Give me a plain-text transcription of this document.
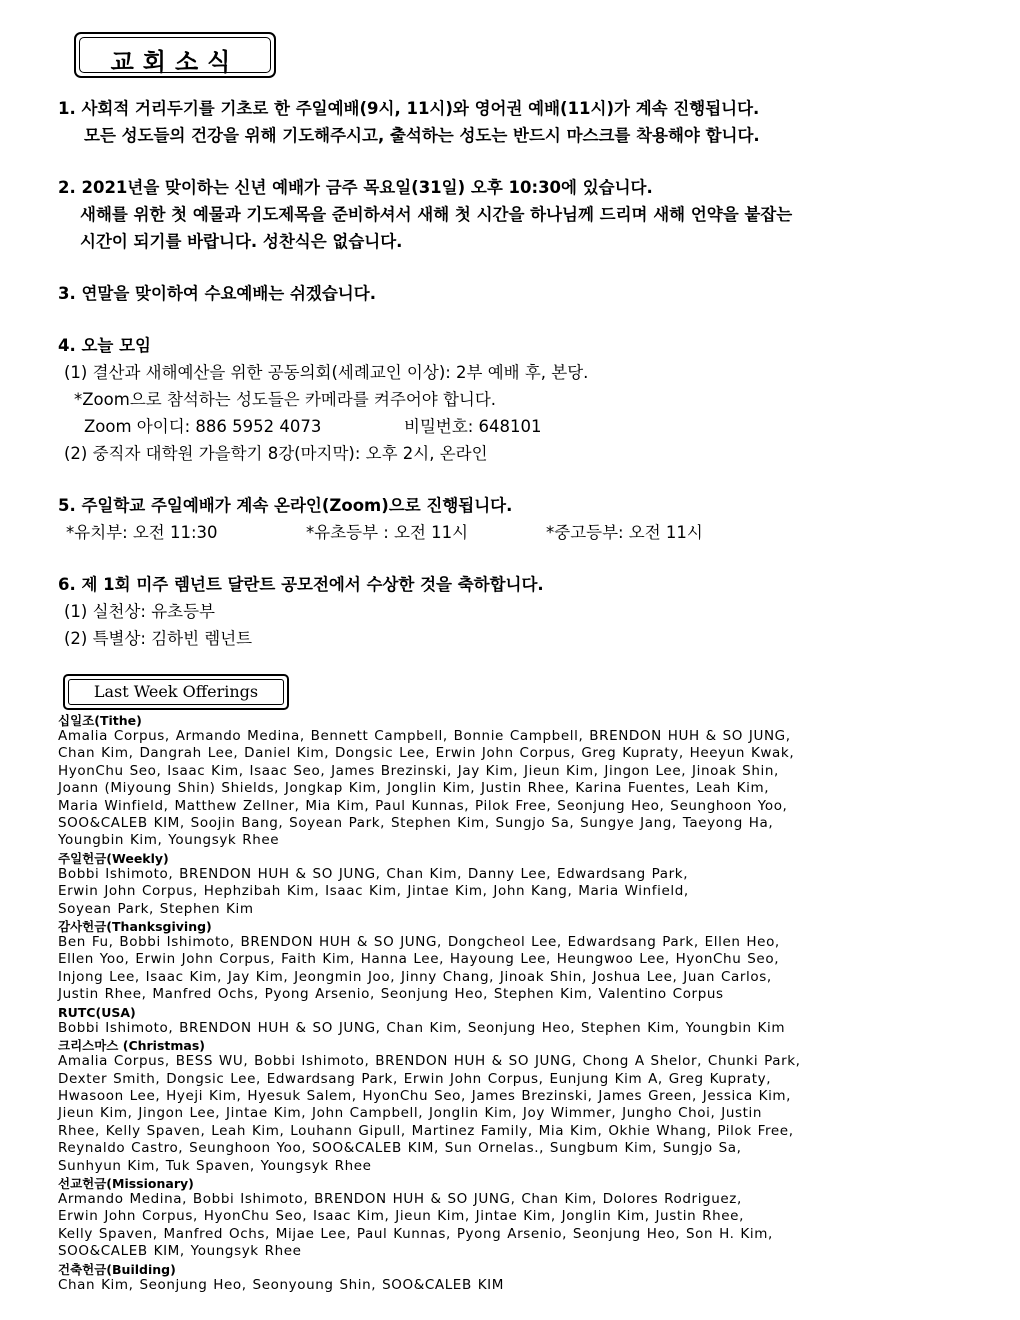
교회소식
1. 사회적 거리두기를 기초로 한 주일예배(9시, 11시)와 영어권 예배(11시)가 계속 진행됩니다.
모든 성도들의 건강을 위해 기도해주시고, 출석하는 성도는 반드시 마스크를 착용해야 합니다.
2. 2021년을 맞이하는 신년 예배가 금주 목요일(31일) 오후 10:30에 있습니다.
새해를 위한 첫 예물과 기도제목을 준비하셔서 새해 첫 시간을 하나님께 드리며 새해 언약을 붙잡는
시간이 되기를 바랍니다. 성찬식은 없습니다.
3. 연말을 맞이하여 수요예배는 쉬겠습니다.
4. 오늘 모임
(1) 결산과 새해예산을 위한 공동의회(세례교인 이상): 2부 예배 후, 본당.
*Zoom으로 참석하는 성도들은 카메라를 켜주어야 합니다.
Zoom 아이디: 886 5952 4073	비밀번호: 648101
(2) 중직자 대학원 가을학기 8강(마지막): 오후 2시, 온라인
5. 주일학교 주일예배가 계속 온라인(Zoom)으로 진행됩니다.
*유치부: 오전 11:30	*유초등부 : 오전 11시	*중고등부: 오전 11시
6. 제 1회 미주 렘넌트 달란트 공모전에서 수상한 것을 축하합니다.
(1) 실천상: 유초등부
(2) 특별상: 김하빈 렘넌트
Last Week Offerings
십일조(Tithe)
Amalia Corpus, Armando Medina, Bennett Campbell, Bonnie Campbell, BRENDON HUH & SO JUNG,
Chan Kim, Dangrah Lee, Daniel Kim, Dongsic Lee, Erwin John Corpus, Greg Kupraty, Heeyun Kwak,
HyonChu Seo, Isaac Kim, Isaac Seo, James Brezinski, Jay Kim, Jieun Kim, Jingon Lee, Jinoak Shin,
Joann (Miyoung Shin) Shields, Jongkap Kim, Jonglin Kim, Justin Rhee, Karina Fuentes, Leah Kim,
Maria Winfield, Matthew Zellner, Mia Kim, Paul Kunnas, Pilok Free, Seonjung Heo, Seunghoon Yoo,
SOO&CALEB KIM, Soojin Bang, Soyean Park, Stephen Kim, Sungjo Sa, Sungye Jang, Taeyong Ha,
Youngbin Kim, Youngsyk Rhee
주일헌금(Weekly)
Bobbi Ishimoto, BRENDON HUH & SO JUNG, Chan Kim, Danny Lee, Edwardsang Park,
Erwin John Corpus, Hephzibah Kim, Isaac Kim, Jintae Kim, John Kang, Maria Winfield,
Soyean Park, Stephen Kim
감사헌금(Thanksgiving)
Ben Fu, Bobbi Ishimoto, BRENDON HUH & SO JUNG, Dongcheol Lee, Edwardsang Park, Ellen Heo,
Ellen Yoo, Erwin John Corpus, Faith Kim, Hanna Lee, Hayoung Lee, Heungwoo Lee, HyonChu Seo,
Injong Lee, Isaac Kim, Jay Kim, Jeongmin Joo, Jinny Chang, Jinoak Shin, Joshua Lee, Juan Carlos,
Justin Rhee, Manfred Ochs, Pyong Arsenio, Seonjung Heo, Stephen Kim, Valentino Corpus
RUTC(USA)
Bobbi Ishimoto, BRENDON HUH & SO JUNG, Chan Kim, Seonjung Heo, Stephen Kim, Youngbin Kim
크리스마스 (Christmas)
Amalia Corpus, BESS WU, Bobbi Ishimoto, BRENDON HUH & SO JUNG, Chong A Shelor, Chunki Park,
Dexter Smith, Dongsic Lee, Edwardsang Park, Erwin John Corpus, Eunjung Kim A, Greg Kupraty,
Hwasoon Lee, Hyeji Kim, Hyesuk Salem, HyonChu Seo, James Brezinski, James Green, Jessica Kim,
Jieun Kim, Jingon Lee, Jintae Kim, John Campbell, Jonglin Kim, Joy Wimmer, Jungho Choi, Justin
Rhee, Kelly Spaven, Leah Kim, Louhann Gipull, Martinez Family, Mia Kim, Okhie Whang, Pilok Free,
Reynaldo Castro, Seunghoon Yoo, SOO&CALEB KIM, Sun Ornelas., Sungbum Kim, Sungjo Sa,
Sunhyun Kim, Tuk Spaven, Youngsyk Rhee
선교헌금(Missionary)
Armando Medina, Bobbi Ishimoto, BRENDON HUH & SO JUNG, Chan Kim, Dolores Rodriguez,
Erwin John Corpus, HyonChu Seo, Isaac Kim, Jieun Kim, Jintae Kim, Jonglin Kim, Justin Rhee,
Kelly Spaven, Manfred Ochs, Mijae Lee, Paul Kunnas, Pyong Arsenio, Seonjung Heo, Son H. Kim,
SOO&CALEB KIM, Youngsyk Rhee
건축헌금(Building)
Chan Kim, Seonjung Heo, Seonyoung Shin, SOO&CALEB KIM
